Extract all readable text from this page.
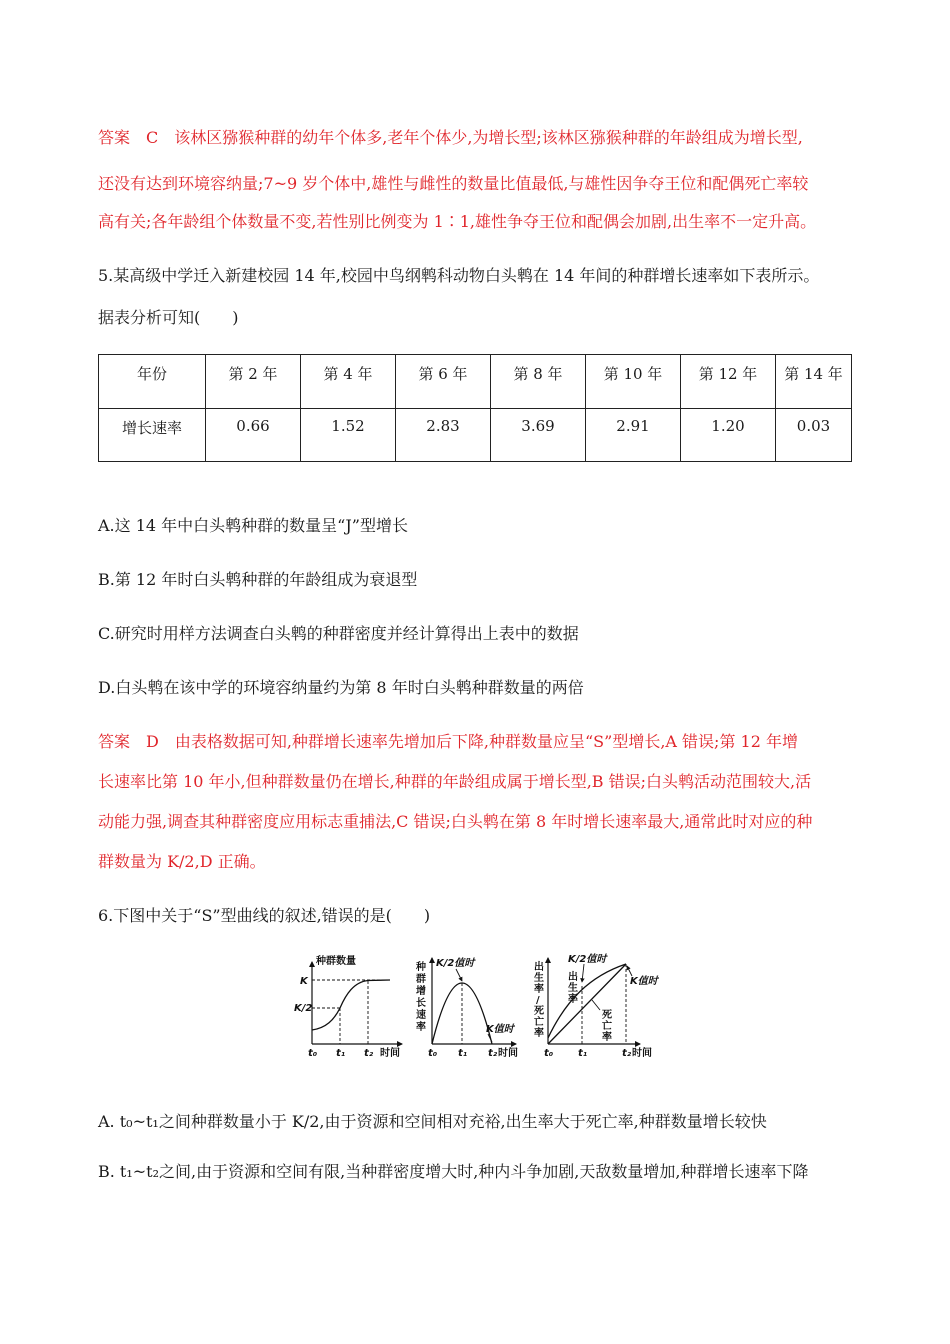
答案　C　该林区猕猴种群的幼年个体多,老年个体少,为增长型;该林区猕猴种群的年龄组成为增长型,
还没有达到环境容纳量;7~9 岁个体中,雄性与雌性的数量比值最低,与雄性因争夺王位和配偶死亡率较
高有关;各年龄组个体数量不变,若性别比例变为 1∶1,雄性争夺王位和配偶会加剧,出生率不一定升高。
5.某高级中学迁入新建校园 14 年,校园中鸟纲鹎科动物白头鹎在 14 年间的种群增长速率如下表所示。
据表分析可知(　　)
年份	第 2 年	第 4 年	第 6 年	第 8 年	第 10 年	第 12 年	第 14 年
增长速率	0.66	1.52	2.83	3.69	2.91	1.20	0.03
A.这 14 年中白头鹎种群的数量呈“J”型增长
B.第 12 年时白头鹎种群的年龄组成为衰退型
C.研究时用样方法调查白头鹎的种群密度并经计算得出上表中的数据
D.白头鹎在该中学的环境容纳量约为第 8 年时白头鹎种群数量的两倍
答案　D　由表格数据可知,种群增长速率先增加后下降,种群数量应呈“S”型增长,A 错误;第 12 年增
长速率比第 10 年小,但种群数量仍在增长,种群的年龄组成属于增长型,B 错误;白头鹎活动范围较大,活
动能力强,调查其种群密度应用标志重捕法,C 错误;白头鹎在第 8 年时增长速率最大,通常此时对应的种
群数量为 K/2,D 正确。
6.下图中关于“S”型曲线的叙述,错误的是(　　)
种群数量
K
K/2
t₀ t₁ t₂ 时间
种
群
增
长
速
率
K/2值时
K值时
t₀ t₁ t₂ 时间
出
生
率
/
死
亡
率
K/2值时
K值时
出
生
率
死
亡
率
t₀ t₁	t₂ 时间
A. t₀~t₁之间种群数量小于 K/2,由于资源和空间相对充裕,出生率大于死亡率,种群数量增长较快
B. t₁~t₂之间,由于资源和空间有限,当种群密度增大时,种内斗争加剧,天敌数量增加,种群增长速率下降
